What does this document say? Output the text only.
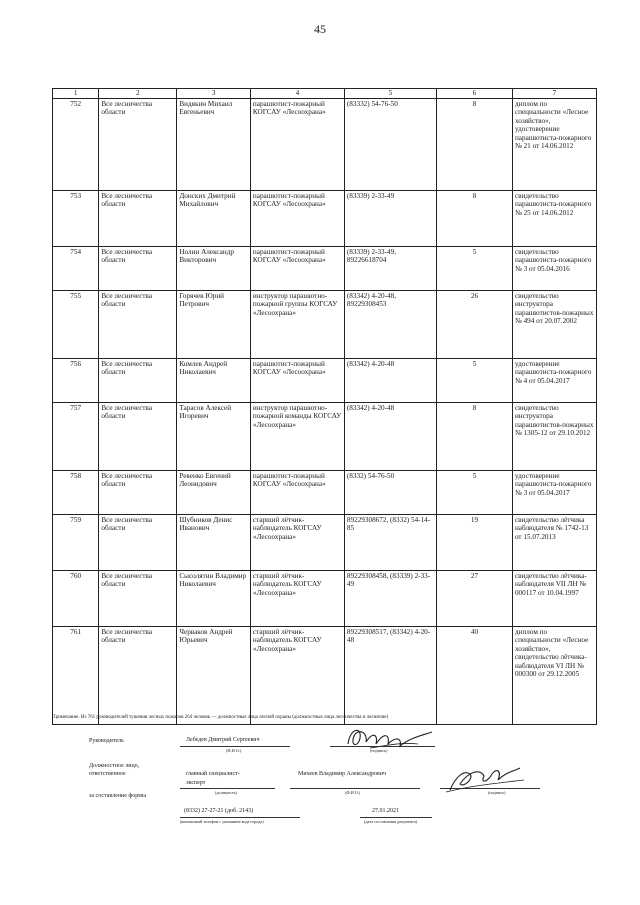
45
1	2	3	4	5	6	7
752	Все лесничества области	Видякин Михаил Евгеньевич	парашютист-пожарный КОГСАУ «Лесоохрана»	(83332) 54-76-50	8	диплом по специальности «Лесное хозяйство», удостоверение парашютиста-пожарного № 21 от 14.06.2012
753	Все лесничества области	Донских Дмитрий Михайлович	парашютист-пожарный КОГСАУ «Лесоохрана»	(83339) 2-33-49	8	свидетельство парашютиста-пожарного № 25 от 14.06.2012
754	Все лесничества области	Нолин Александр Викторович	парашютист-пожарный КОГСАУ «Лесоохрана»	(83339) 2-33-49, 89226618704	5	свидетельство парашютиста-пожарного № 3 от 05.04.2016
755	Все лесничества области	Горячев Юрий Петрович	инструктор парашютно-пожарной группы КОГСАУ «Лесоохрана»	(83342) 4-20-48, 89229308453	26	свидетельство инструктора парашютистов-пожарных № 494 от 20.07.2002
756	Все лесничества области	Комлев Андрей Николаевич	парашютист-пожарный КОГСАУ «Лесоохрана»	(83342) 4-20-48	5	удостоверение парашютиста-пожарного № 4 от 05.04.2017
757	Все лесничества области	Тарасов Алексей Игоревич	инструктор парашютно-пожарной команды КОГСАУ «Лесоохрана»	(83342) 4-20-48	8	свидетельство инструктора парашютистов-пожарных № 1305-12 от 29.10.2012
758	Все лесничества области	Ревенко Евгений Леонидович	парашютист-пожарный КОГСАУ «Лесоохрана»	(8332) 54-76-50	5	удостоверение парашютиста-пожарного № 3 от 05.04.2017
759	Все лесничества области	Шубников Денис Иванович	старший лётчик-наблюдатель КОГСАУ «Лесоохрана»	89229308672, (8332) 54-14-85	19	свидетельство лётчика наблюдателя № 1742-13 от 15.07.2013
760	Все лесничества области	Сысолятин Владимир Николаевич	старший лётчик-наблюдатель КОГСАУ «Лесоохрана»	89229308458, (83339) 2-33-49	27	свидетельство лётчика-наблюдателя VII ЛН № 000117 от 10.04.1997
761	Все лесничества области	Черваков Андрей Юрьевич	старший лётчик-наблюдатель КОГСАУ «Лесоохрана»	89229308517, (83342) 4-20-48	40	диплом по специальности «Лесное хозяйство», свидетельство лётчика-наблюдателя VI ЛН № 000300 от 29.12.2005
Примечание. Из 761 руководителей тушения лесных пожаров 264 человек — должностные лица лесной охраны (должностные лица лесничества и лесничие)
Руководитель	Лебедев Дмитрий Сергеевич
(Ф.И.О.)	(подпись)
Должностное лицо,
ответственное
за составление формы
главный специалист-
эксперт
(должность)
Михеев Владимир Александрович
(Ф.И.О.)	(подпись)
(8332) 27-27-21 (доб. 2143)
(контактный телефон с указанием кода города)
27.01.2021
(дата составления документа)
